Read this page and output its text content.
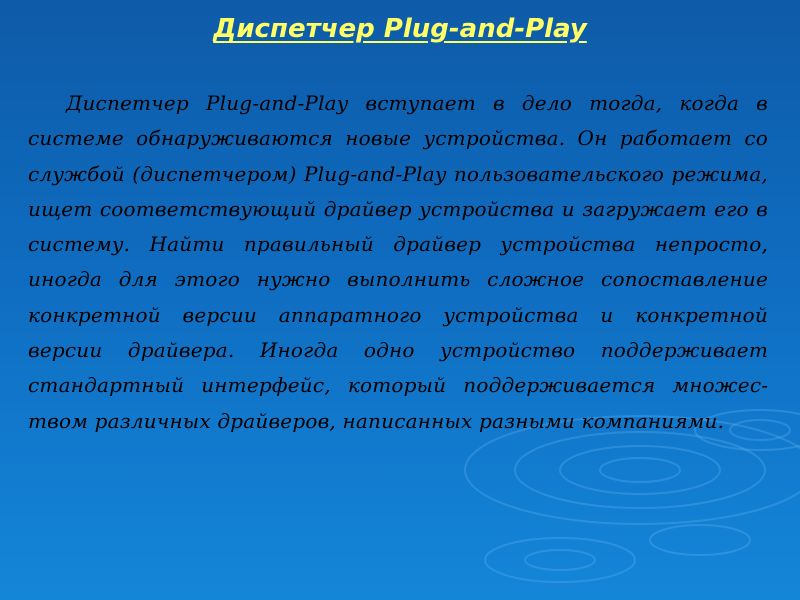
Диспетчер Plug-and-Play

Диспетчер Plug-and-Play вступает в дело тогда, когда в системе обнаруживаются новые устройства. Он работает со службой (диспетчером) Plug-and-Play пользовательского режима, ищет соответствующий драйвер устройства и загружает его в систему. Найти правильный драйвер устройства непросто, иногда для этого нужно выполнить сложное сопоставление конкретной версии аппаратного устройства и конкретной версии драйвера. Иногда одно устройство поддерживает стандартный интерфейс, который поддерживается множеством различных драйверов, написанных разными компаниями.
